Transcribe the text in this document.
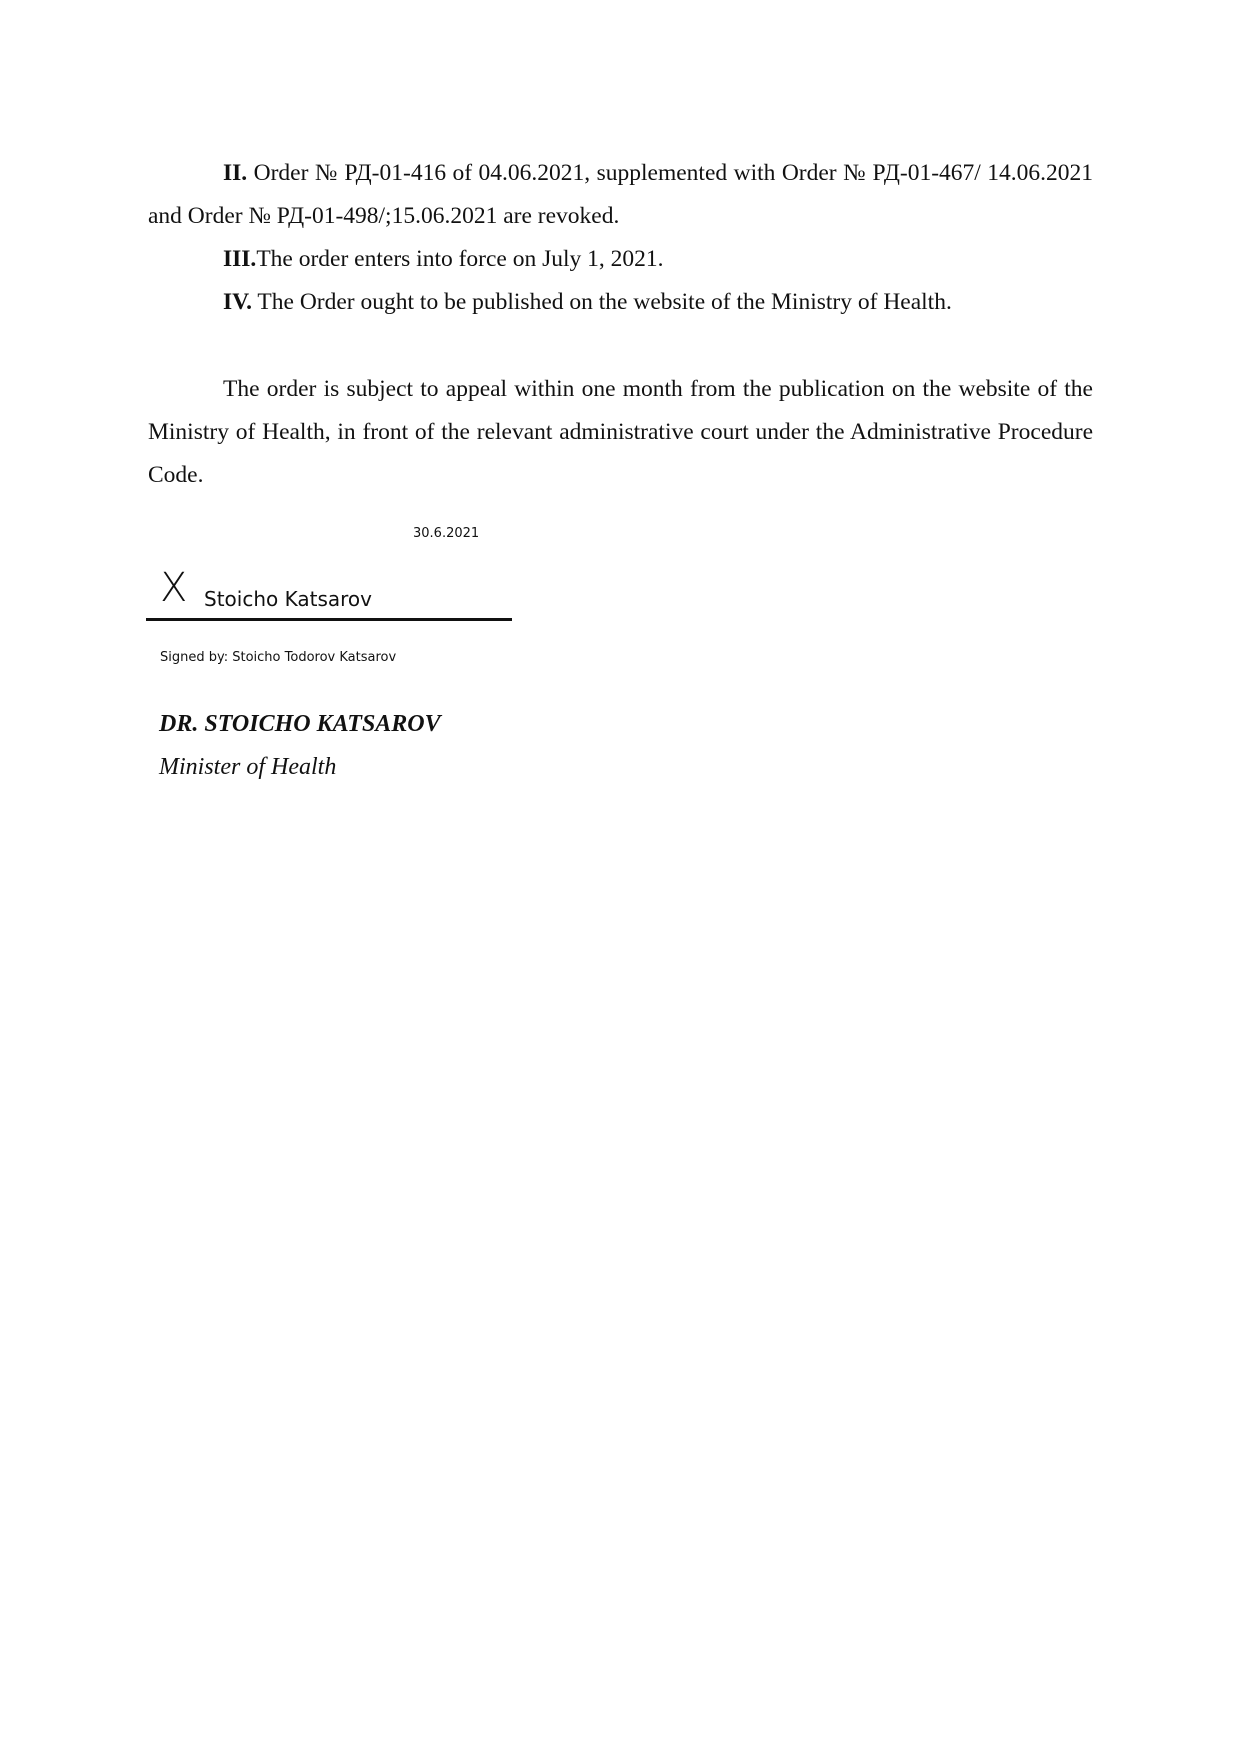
II. Order № РД-01-416 of 04.06.2021, supplemented with Order № РД-01-467/ 14.06.2021 and Order № РД-01-498/;15.06.2021 are revoked.

III.The order enters into force on July 1, 2021.

IV. The Order ought to be published on the website of the Ministry of Health.

The order is subject to appeal within one month from the publication on the website of the Ministry of Health, in front of the relevant administrative court under the Administrative Procedure Code.

30.6.2021
X Stoicho Katsarov
Signed by: Stoicho Todorov Katsarov
DR. STOICHO KATSAROV
Minister of Health
